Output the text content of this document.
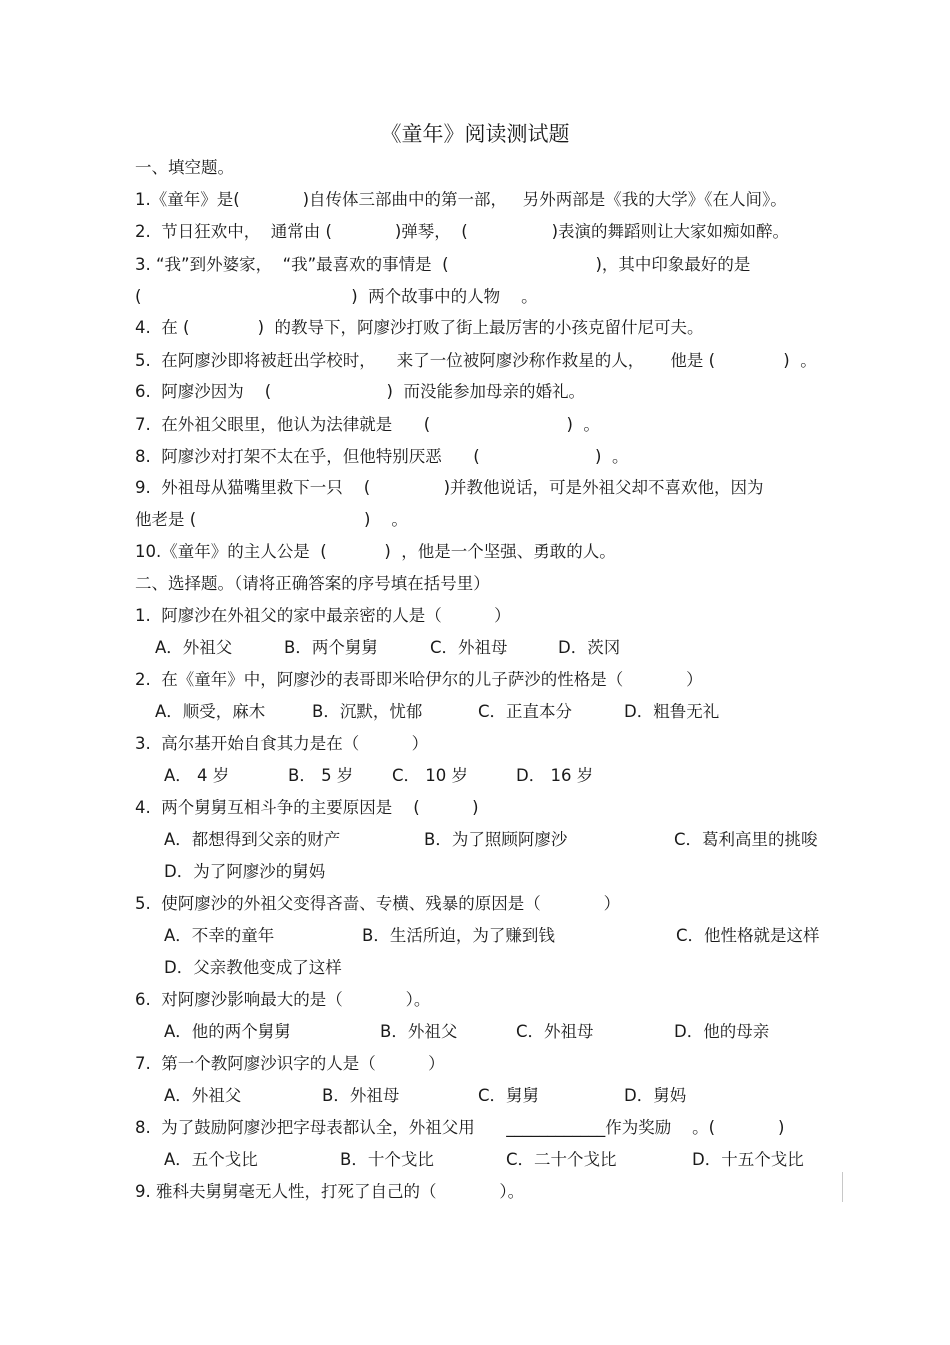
《童年》阅读测试题
一、填空题。
1.《童年》是(            )自传体三部曲中的第一部，   另外两部是《我的大学》《在人间》。
2.  节日狂欢中，  通常由 (            )弹琴，  (                )表演的舞蹈则让大家如痴如醉。
3. “我”到外婆家，  “我”最喜欢的事情是  (                            )，其中印象最好的是
(                                        )  两个故事中的人物    。
4.  在 (             )  的教导下，阿廖沙打败了街上最厉害的小孩克留什尼可夫。
5.  在阿廖沙即将被赶出学校时，    来了一位被阿廖沙称作救星的人，     他是 (             )  。
6.  阿廖沙因为    (                      )  而没能参加母亲的婚礼。
7.  在外祖父眼里，他认为法律就是      (                          )  。
8.  阿廖沙对打架不太在乎，但他特别厌恶      (                      )  。
9.  外祖母从猫嘴里救下一只    (              )并教他说话，可是外祖父却不喜欢他，因为
他老是 (                                )    。
10.《童年》的主人公是  (           )  ，他是一个坚强、勇敢的人。
二、选择题。（请将正确答案的序号填在括号里）
1.  阿廖沙在外祖父的家中最亲密的人是（          ）
A．外祖父	B．两个舅舅	C．外祖母	D．茨冈
2.  在《童年》中，阿廖沙的表哥即米哈伊尔的儿子萨沙的性格是（            ）
A．顺受，麻木	B．沉默，忧郁	C．正直本分	D．粗鲁无礼
3.  高尔基开始自食其力是在（          ）
A． 4 岁	B． 5 岁 C． 10 岁	D． 16 岁
4.  两个舅舅互相斗争的主要原因是    (          )
A．都想得到父亲的财产	B．为了照顾阿廖沙	C．葛利高里的挑唆
D．为了阿廖沙的舅妈
5.  使阿廖沙的外祖父变得吝啬、专横、残暴的原因是（            ）
A．不幸的童年	B．生活所迫，为了赚到钱	C．他性格就是这样
D．父亲教他变成了这样
6.  对阿廖沙影响最大的是（            ）。
A．他的两个舅舅	B．外祖父	C．外祖母	D．他的母亲
7.  第一个教阿廖沙识字的人是（          ）
A．外祖父	B．外祖母	C．舅舅	D．舅妈
8.  为了鼓励阿廖沙把字母表都认全，外祖父用      ____________作为奖励    。(            )
A．五个戈比	B．十个戈比	C．二十个戈比	D．十五个戈比
9. 雅科夫舅舅毫无人性，打死了自己的（            ）。
